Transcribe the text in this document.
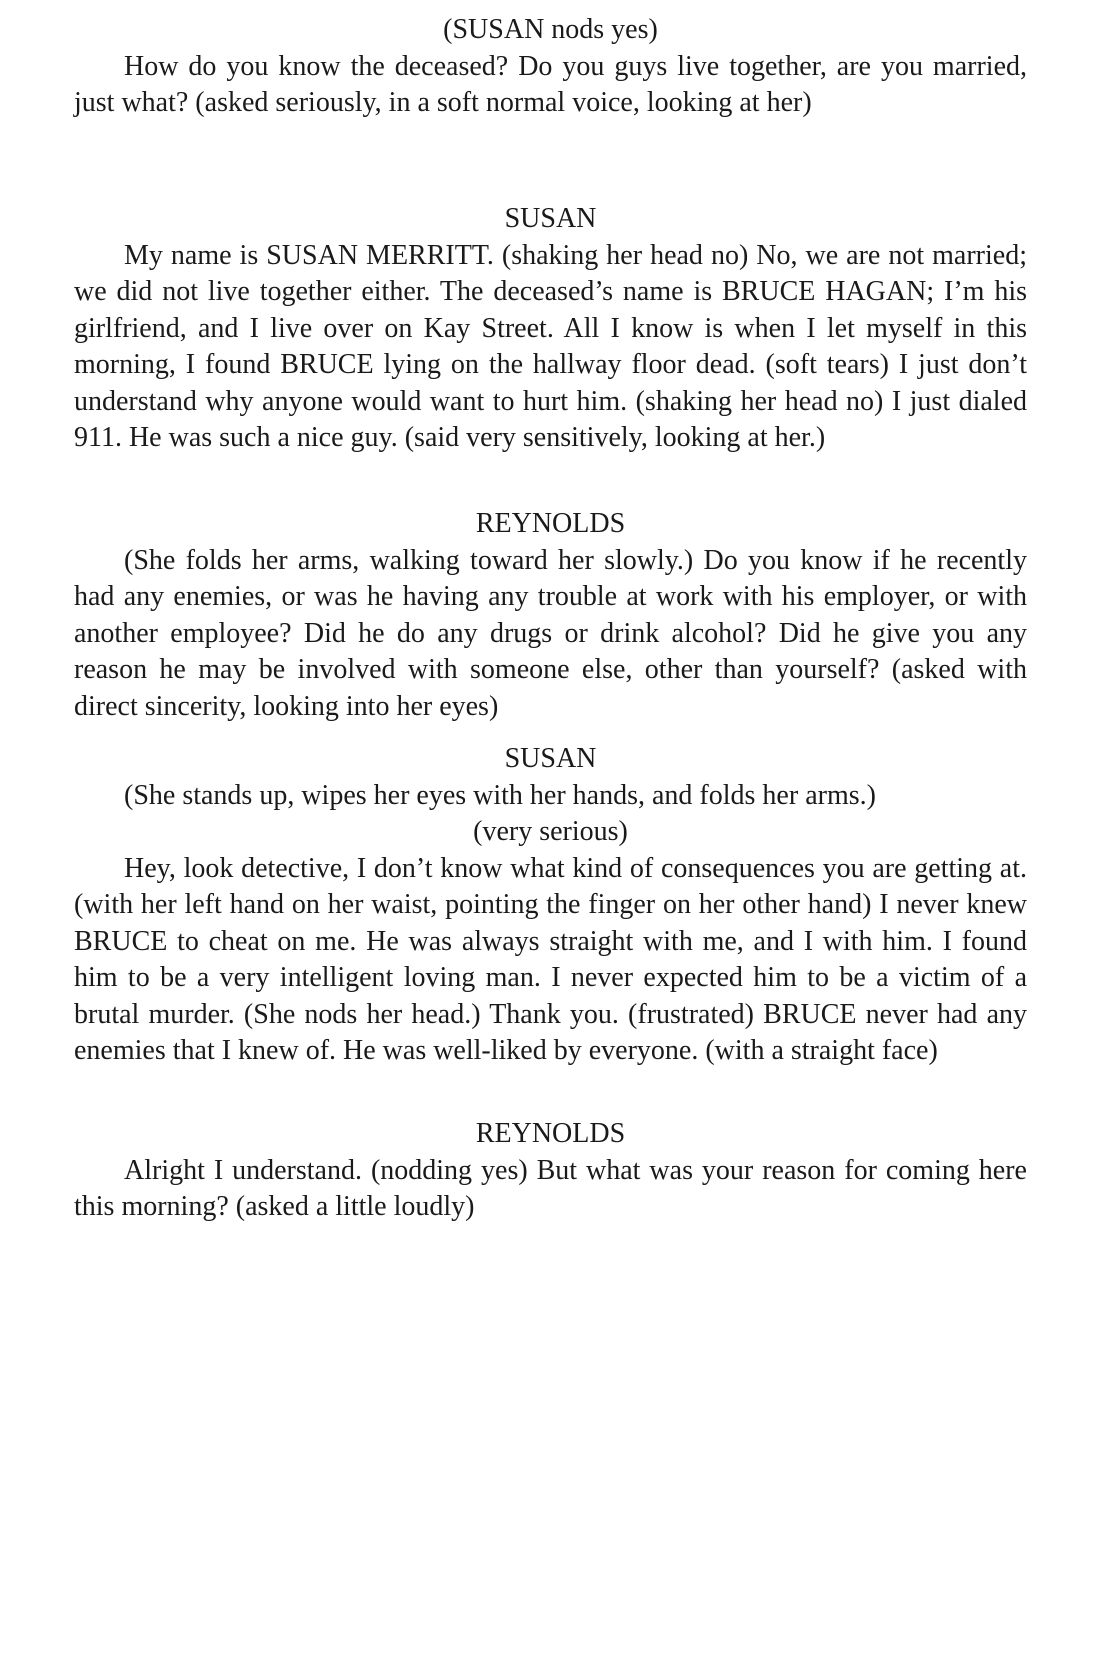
(SUSAN nods yes)

How do you know the deceased? Do you guys live together, are you married, just what? (asked seriously, in a soft normal voice, looking at her)

SUSAN

My name is SUSAN MERRITT. (shaking her head no) No, we are not married; we did not live together either. The deceased’s name is BRUCE HAGAN; I’m his girlfriend, and I live over on Kay Street. All I know is when I let myself in this morning, I found BRUCE lying on the hallway floor dead. (soft tears) I just don’t understand why anyone would want to hurt him. (shaking her head no) I just dialed 911. He was such a nice guy. (said very sensitively, looking at her.)

REYNOLDS

(She folds her arms, walking toward her slowly.) Do you know if he recently had any enemies, or was he having any trouble at work with his employer, or with another employee? Did he do any drugs or drink alcohol? Did he give you any reason he may be involved with someone else, other than yourself? (asked with direct sincerity, looking into her eyes)

SUSAN

(She stands up, wipes her eyes with her hands, and folds her arms.)

(very serious)

Hey, look detective, I don’t know what kind of consequences you are getting at. (with her left hand on her waist, pointing the finger on her other hand) I never knew BRUCE to cheat on me. He was always straight with me, and I with him. I found him to be a very intelligent loving man. I never expected him to be a victim of a brutal murder. (She nods her head.) Thank you. (frustrated) BRUCE never had any enemies that I knew of. He was well-liked by everyone. (with a straight face)

REYNOLDS

Alright I understand. (nodding yes) But what was your reason for coming here this morning? (asked a little loudly)
